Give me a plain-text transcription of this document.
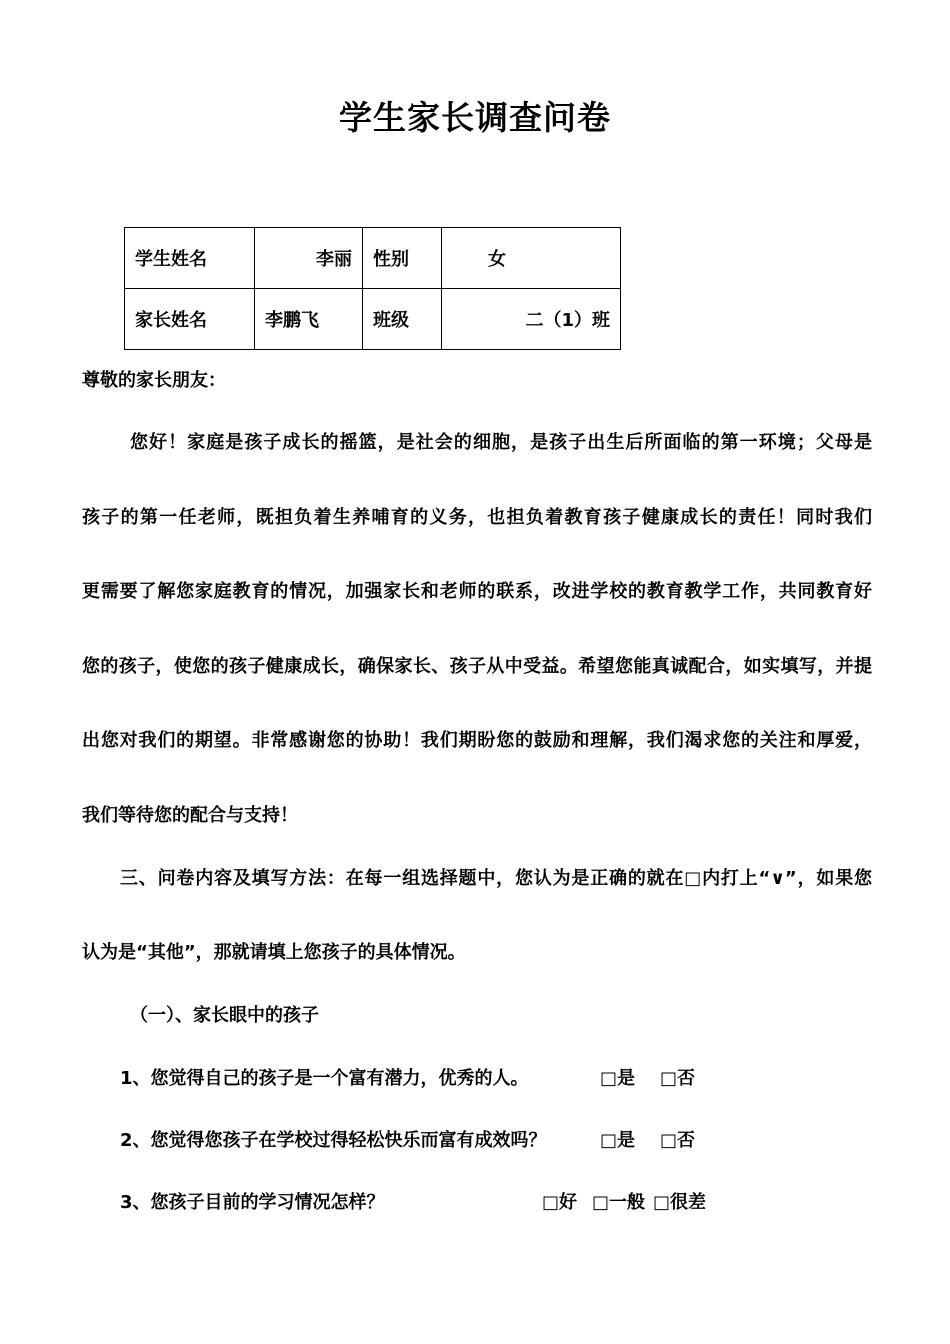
学生家长调查问卷
学生姓名	李丽	性别	女
家长姓名	李鹏飞	班级	二（1）班
尊敬的家长朋友：
您好！家庭是孩子成长的摇篮，是社会的细胞，是孩子出生后所面临的第一环境；父母是
孩子的第一任老师，既担负着生养哺育的义务，也担负着教育孩子健康成长的责任！同时我们
更需要了解您家庭教育的情况，加强家长和老师的联系，改进学校的教育教学工作，共同教育好
您的孩子，使您的孩子健康成长，确保家长、孩子从中受益。希望您能真诚配合，如实填写，并提
出您对我们的期望。非常感谢您的协助！我们期盼您的鼓励和理解，我们渴求您的关注和厚爱，
我们等待您的配合与支持！
三、问卷内容及填写方法：在每一组选择题中，您认为是正确的就在□内打上“∨”，如果您
认为是“其他”，那就请填上您孩子的具体情况。
（一）、家长眼中的孩子
1、您觉得自己的孩子是一个富有潜力，优秀的人。	□是 □否
2、您觉得您孩子在学校过得轻松快乐而富有成效吗？	□是 □否
3、您孩子目前的学习情况怎样？	□好 □一般 □很差
